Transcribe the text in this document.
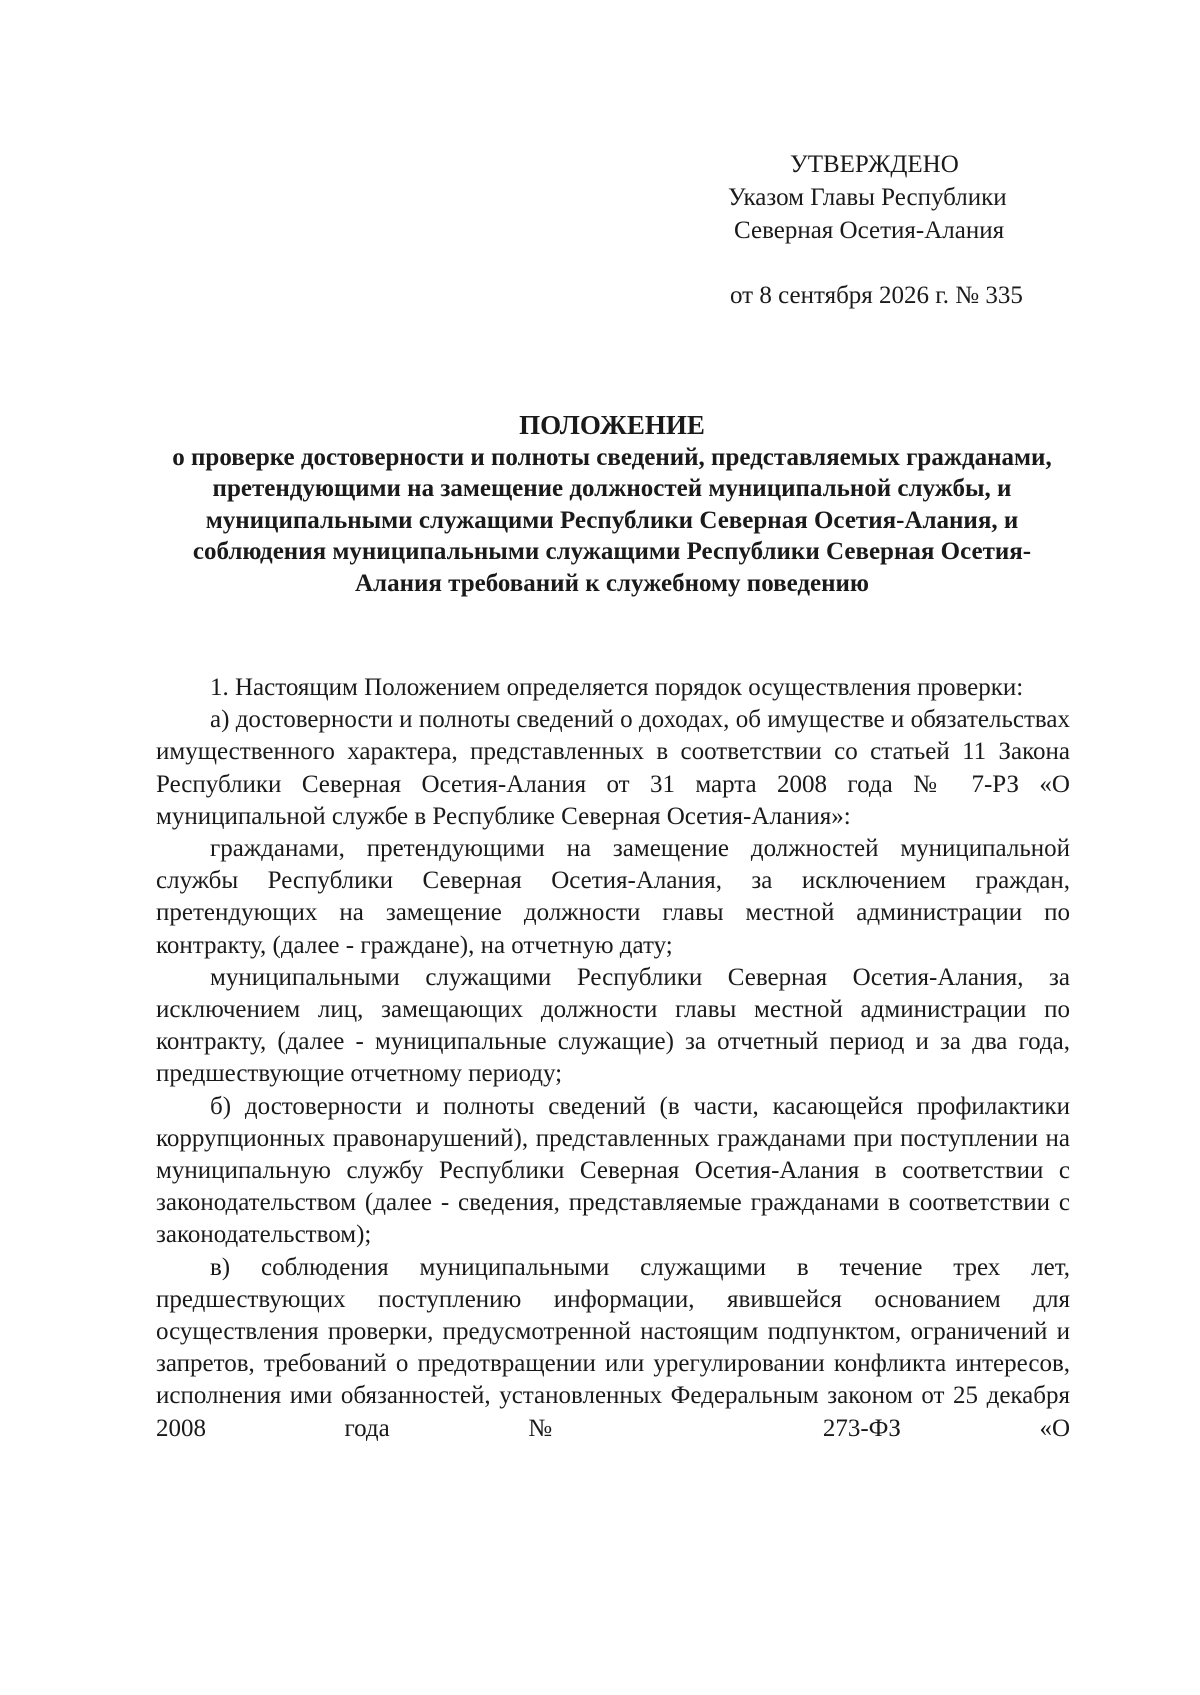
УТВЕРЖДЕНО
Указом Главы Республики
Северная Осетия-Алания
от 8 сентября 2026 г. № 335
ПОЛОЖЕНИЕ
о проверке достоверности и полноты сведений, представляемых гражданами, претендующими на замещение должностей муниципальной службы, и муниципальными служащими Республики Северная Осетия-Алания, и соблюдения муниципальными служащими Республики Северная Осетия-Алания требований к служебному поведению

1. Настоящим Положением определяется порядок осуществления проверки:

а) достоверности и полноты сведений о доходах, об имуществе и обязательствах имущественного характера, представленных в соответствии со статьей 11 Закона Республики Северная Осетия-Алания от 31 марта 2008 года № 7-РЗ «О муниципальной службе в Республике Северная Осетия-Алания»:

гражданами, претендующими на замещение должностей муниципальной службы Республики Северная Осетия-Алания, за исключением граждан, претендующих на замещение должности главы местной администрации по контракту, (далее - граждане), на отчетную дату;

муниципальными служащими Республики Северная Осетия-Алания, за исключением лиц, замещающих должности главы местной администрации по контракту, (далее - муниципальные служащие) за отчетный период и за два года, предшествующие отчетному периоду;

б) достоверности и полноты сведений (в части, касающейся профилактики коррупционных правонарушений), представленных гражданами при поступлении на муниципальную службу Республики Северная Осетия-Алания в соответствии с законодательством (далее - сведения, представляемые гражданами в соответствии с законодательством);

в) соблюдения муниципальными служащими в течение трех лет, предшествующих поступлению информации, явившейся основанием для осуществления проверки, предусмотренной настоящим подпунктом, ограничений и запретов, требований о предотвращении или урегулировании конфликта интересов, исполнения ими обязанностей, установленных Федеральным законом от 25 декабря 2008 года № 273-ФЗ «О
